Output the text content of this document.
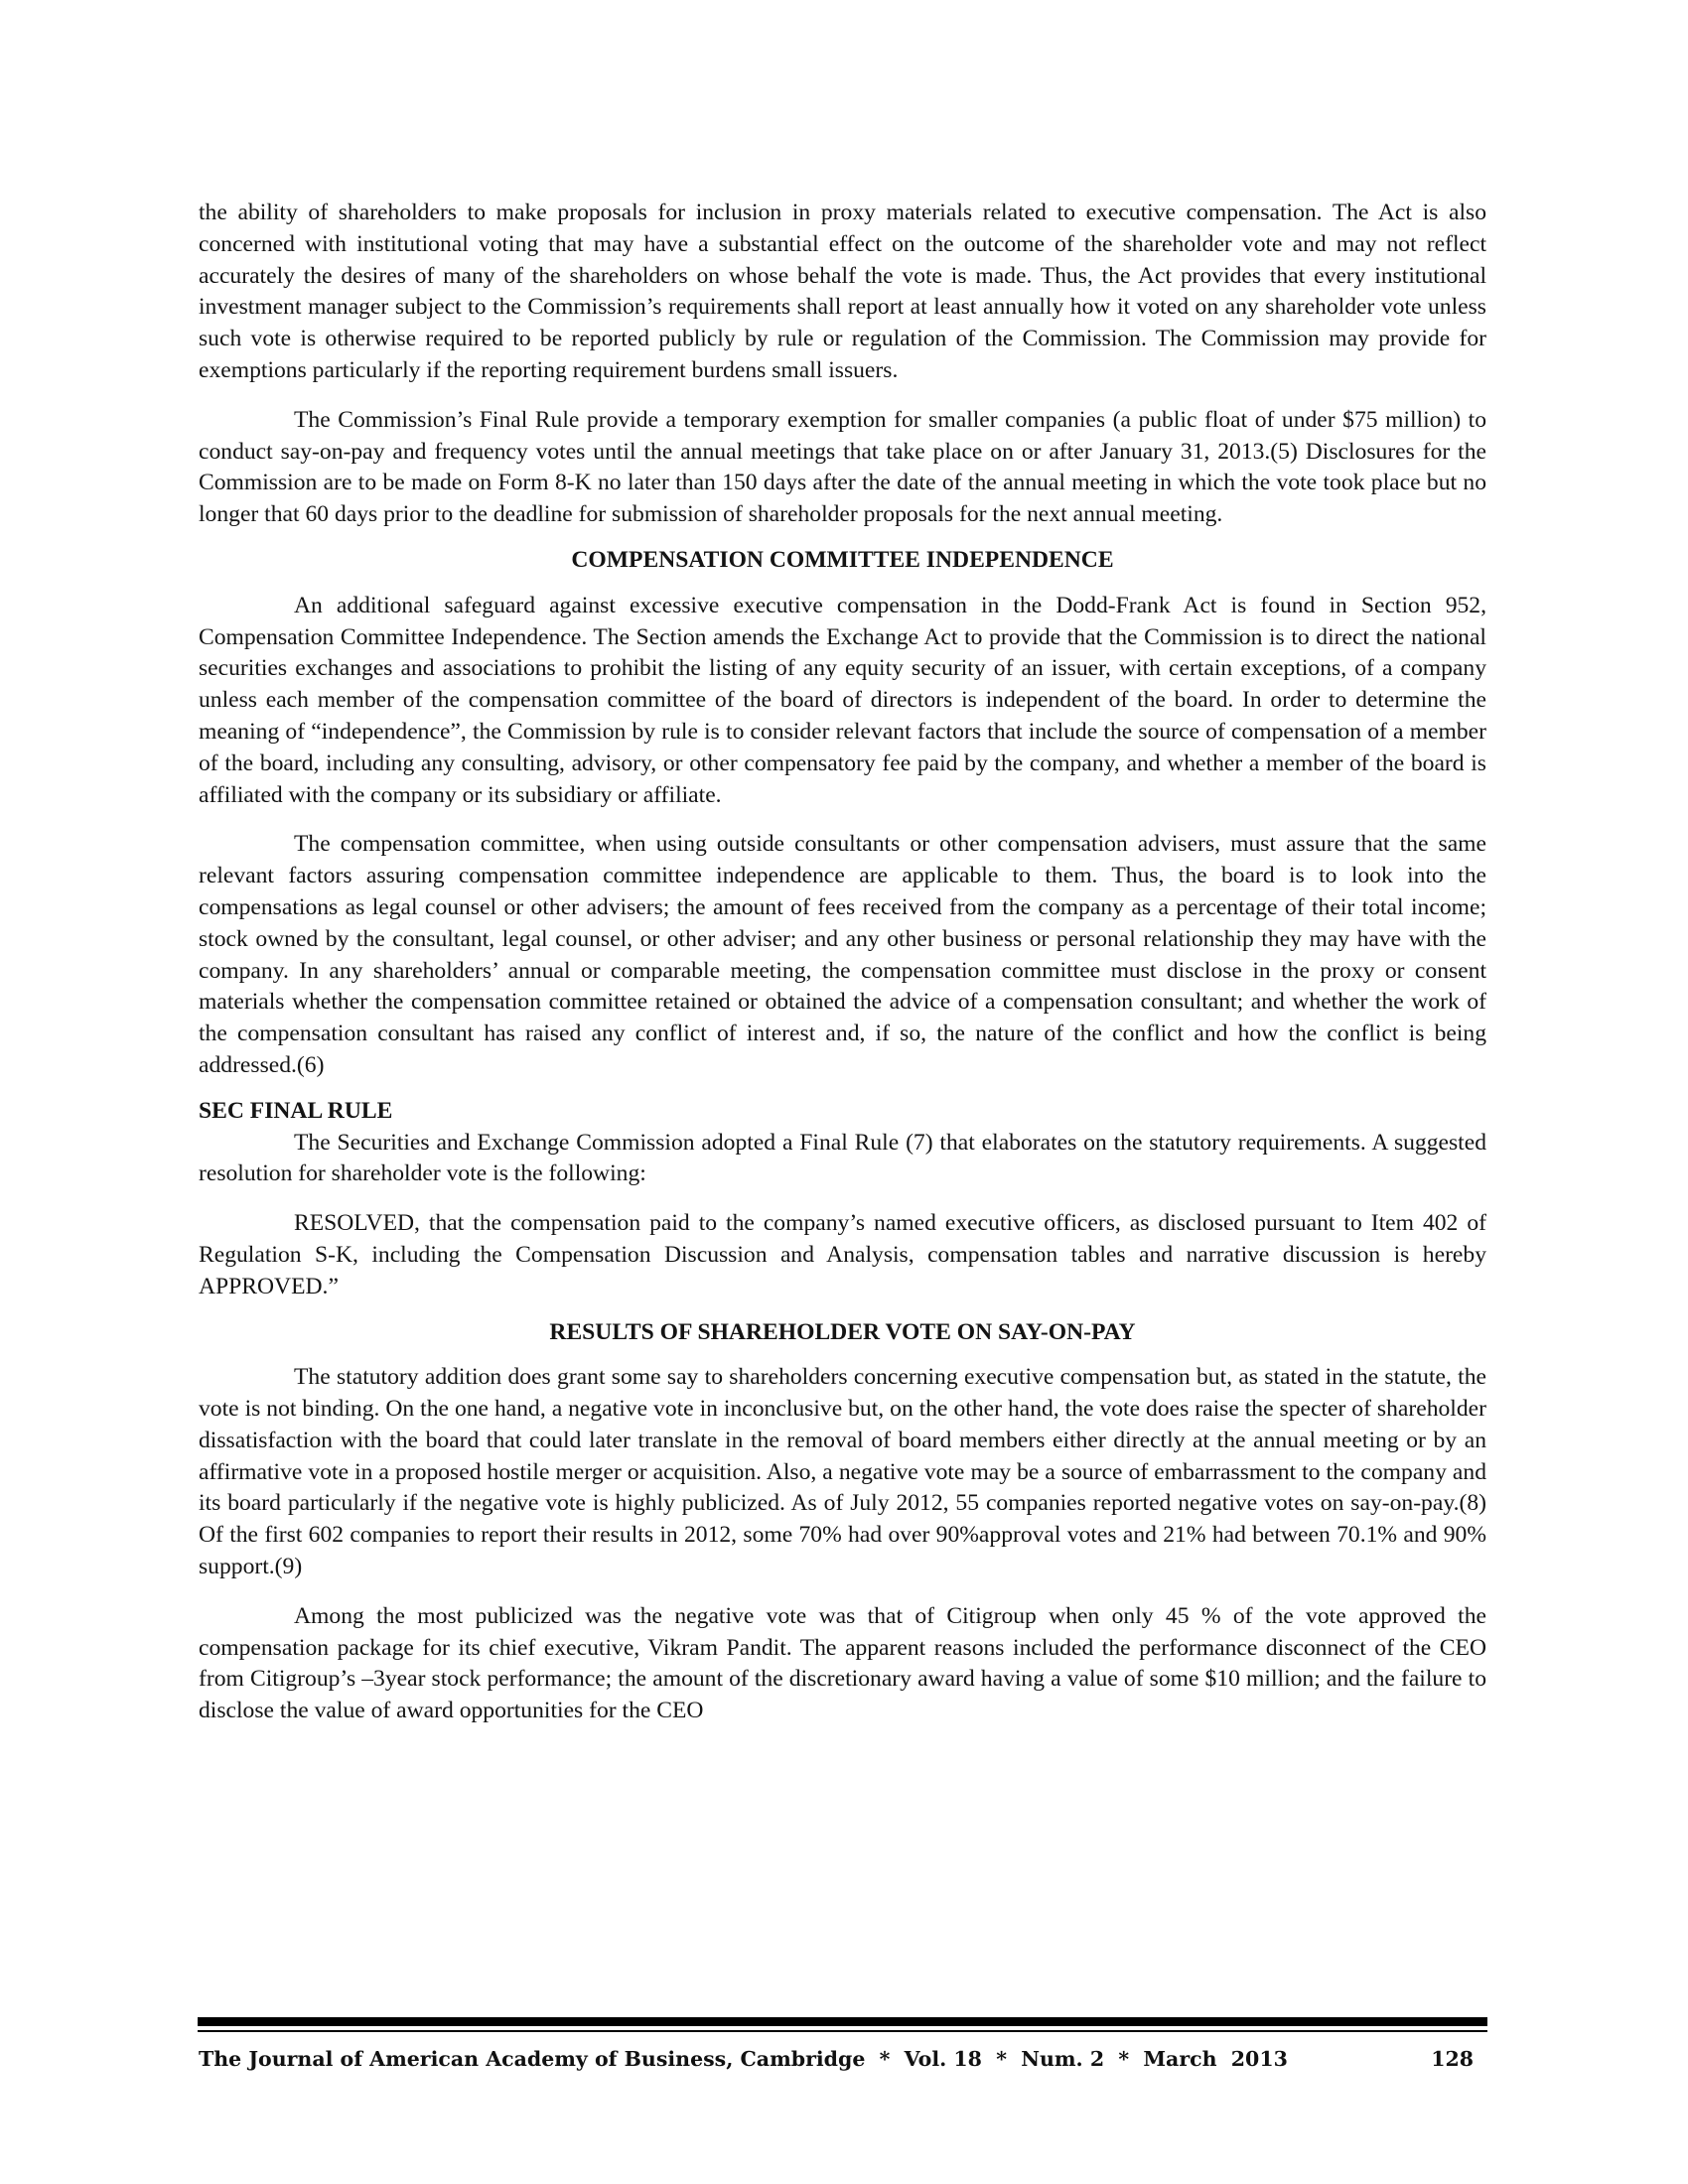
the ability of shareholders to make proposals for inclusion in proxy materials related to executive compensation. The Act is also concerned with institutional voting that may have a substantial effect on the outcome of the shareholder vote and may not reflect accurately the desires of many of the shareholders on whose behalf the vote is made. Thus, the Act provides that every institutional investment manager subject to the Commission’s requirements shall report at least annually how it voted on any shareholder vote unless such vote is otherwise required to be reported publicly by rule or regulation of the Commission. The Commission may provide for exemptions particularly if the reporting requirement burdens small issuers.

The Commission’s Final Rule provide a temporary exemption for smaller companies (a public float of under $75 million) to conduct say-on-pay and frequency votes until the annual meetings that take place on or after January 31, 2013.(5) Disclosures for the Commission are to be made on Form 8-K no later than 150 days after the date of the annual meeting in which the vote took place but no longer that 60 days prior to the deadline for submission of shareholder proposals for the next annual meeting.

COMPENSATION COMMITTEE INDEPENDENCE

An additional safeguard against excessive executive compensation in the Dodd-Frank Act is found in Section 952, Compensation Committee Independence. The Section amends the Exchange Act to provide that the Commission is to direct the national securities exchanges and associations to prohibit the listing of any equity security of an issuer, with certain exceptions, of a company unless each member of the compensation committee of the board of directors is independent of the board. In order to determine the meaning of “independence”, the Commission by rule is to consider relevant factors that include the source of compensation of a member of the board, including any consulting, advisory, or other compensatory fee paid by the company, and whether a member of the board is affiliated with the company or its subsidiary or affiliate.

The compensation committee, when using outside consultants or other compensation advisers, must assure that the same relevant factors assuring compensation committee independence are applicable to them. Thus, the board is to look into the compensations as legal counsel or other advisers; the amount of fees received from the company as a percentage of their total income; stock owned by the consultant, legal counsel, or other adviser; and any other business or personal relationship they may have with the company. In any shareholders’ annual or comparable meeting, the compensation committee must disclose in the proxy or consent materials whether the compensation committee retained or obtained the advice of a compensation consultant; and whether the work of the compensation consultant has raised any conflict of interest and, if so, the nature of the conflict and how the conflict is being addressed.(6)

SEC FINAL RULE

The Securities and Exchange Commission adopted a Final Rule (7) that elaborates on the statutory requirements. A suggested resolution for shareholder vote is the following:

RESOLVED, that the compensation paid to the company’s named executive officers, as disclosed pursuant to Item 402 of Regulation S-K, including the Compensation Discussion and Analysis, compensation tables and narrative discussion is hereby APPROVED.”

RESULTS OF SHAREHOLDER VOTE ON SAY-ON-PAY

The statutory addition does grant some say to shareholders concerning executive compensation but, as stated in the statute, the vote is not binding. On the one hand, a negative vote in inconclusive but, on the other hand, the vote does raise the specter of shareholder dissatisfaction with the board that could later translate in the removal of board members either directly at the annual meeting or by an affirmative vote in a proposed hostile merger or acquisition. Also, a negative vote may be a source of embarrassment to the company and its board particularly if the negative vote is highly publicized. As of July 2012, 55 companies reported negative votes on say-on-pay.(8) Of the first 602 companies to report their results in 2012, some 70% had over 90%approval votes and 21% had between 70.1% and 90% support.(9)

Among the most publicized was the negative vote was that of Citigroup when only 45 % of the vote approved the compensation package for its chief executive, Vikram Pandit. The apparent reasons included the performance disconnect of the CEO from Citigroup’s –3year stock performance; the amount of the discretionary award having a value of some $10 million; and the failure to disclose the value of award opportunities for the CEO

The Journal of American Academy of Business, Cambridge  *  Vol. 18  *  Num. 2  *  March  2013	128
